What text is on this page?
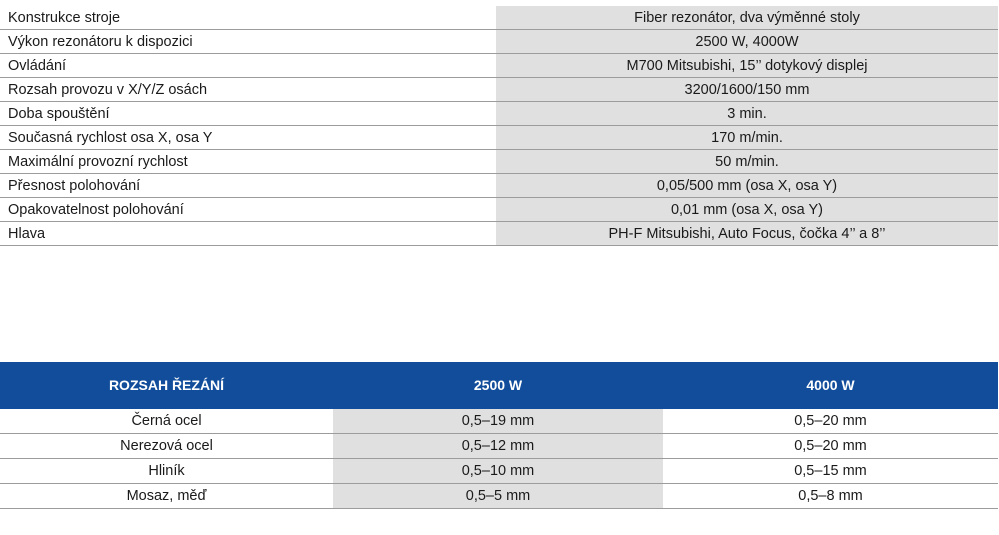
Konstrukce stroje	Fiber rezonátor, dva výměnné stoly
Výkon rezonátoru k dispozici	2500 W, 4000W
Ovládání	M700 Mitsubishi, 15’’ dotykový displej
Rozsah provozu v X/Y/Z osách	3200/1600/150 mm
Doba spouštění	3 min.
Současná rychlost osa X, osa Y	170 m/min.
Maximální provozní rychlost	50 m/min.
Přesnost polohování	0,05/500 mm (osa X, osa Y)
Opakovatelnost polohování	0,01 mm (osa X, osa Y)
Hlava	PH-F Mitsubishi, Auto Focus, čočka 4’’ a 8’’
ROZSAH ŘEZÁNÍ	2500 W	4000 W
Černá ocel	0,5–19 mm	0,5–20 mm
Nerezová ocel	0,5–12 mm	0,5–20 mm
Hliník	0,5–10 mm	0,5–15 mm
Mosaz, měď	0,5–5 mm	0,5–8 mm
